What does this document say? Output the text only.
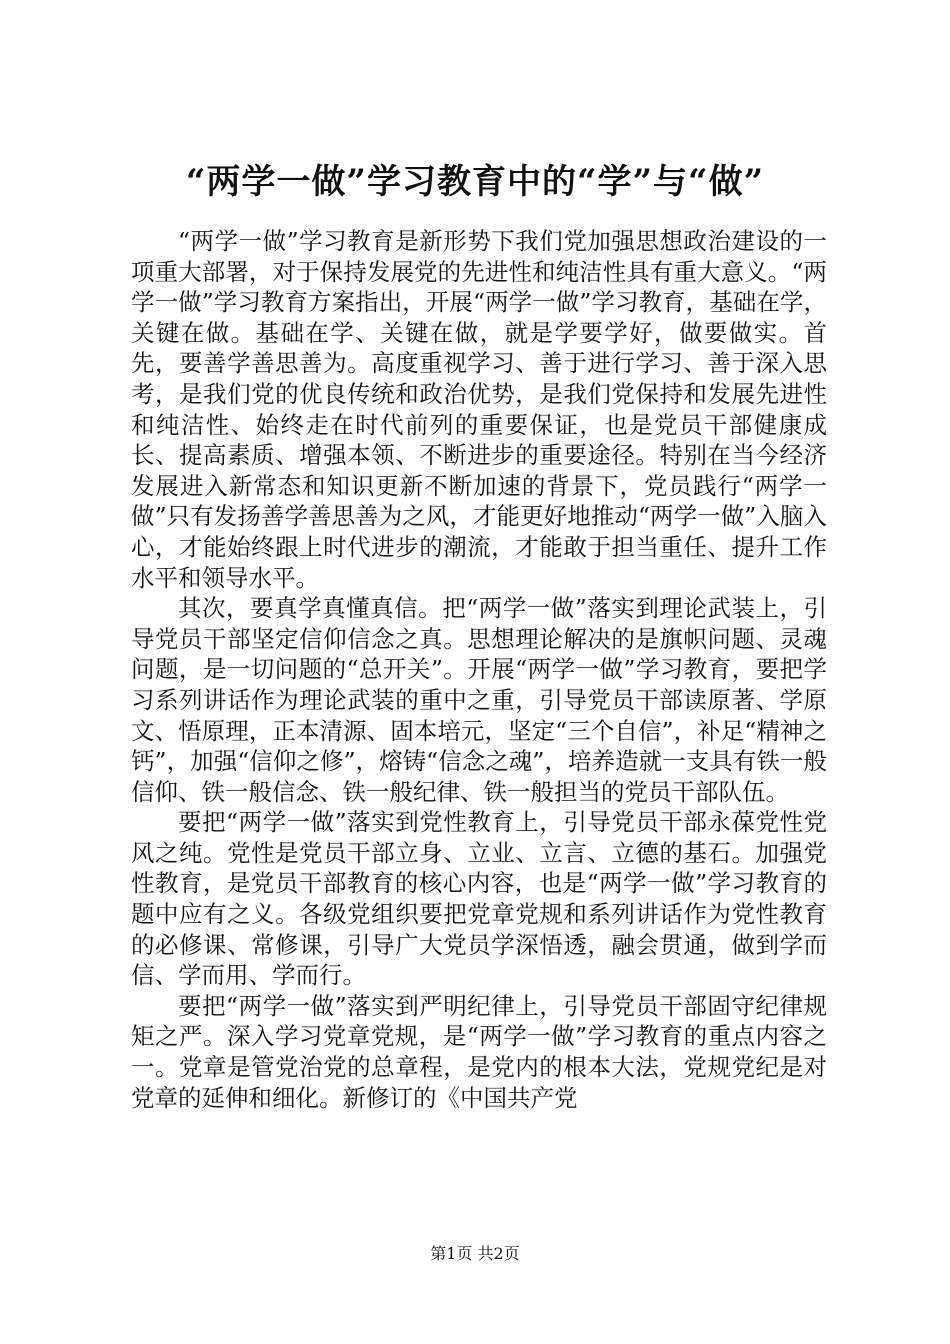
“两学一做”学习教育中的“学”与“做”

“两学一做”学习教育是新形势下我们党加强思想政治建设的一项重大部署，对于保持发展党的先进性和纯洁性具有重大意义。“两学一做”学习教育方案指出，开展“两学一做”学习教育，基础在学，关键在做。基础在学、关键在做，就是学要学好，做要做实。首先，要善学善思善为。高度重视学习、善于进行学习、善于深入思考，是我们党的优良传统和政治优势，是我们党保持和发展先进性和纯洁性、始终走在时代前列的重要保证，也是党员干部健康成长、提高素质、增强本领、不断进步的重要途径。特别在当今经济发展进入新常态和知识更新不断加速的背景下，党员践行“两学一做”只有发扬善学善思善为之风，才能更好地推动“两学一做”入脑入心，才能始终跟上时代进步的潮流，才能敢于担当重任、提升工作水平和领导水平。

其次，要真学真懂真信。把“两学一做”落实到理论武装上，引导党员干部坚定信仰信念之真。思想理论解决的是旗帜问题、灵魂问题，是一切问题的“总开关”。开展“两学一做”学习教育，要把学习系列讲话作为理论武装的重中之重，引导党员干部读原著、学原文、悟原理，正本清源、固本培元，坚定“三个自信”，补足“精神之钙”，加强“信仰之修”，熔铸“信念之魂”，培养造就一支具有铁一般信仰、铁一般信念、铁一般纪律、铁一般担当的党员干部队伍。

要把“两学一做”落实到党性教育上，引导党员干部永葆党性党风之纯。党性是党员干部立身、立业、立言、立德的基石。加强党性教育，是党员干部教育的核心内容，也是“两学一做”学习教育的题中应有之义。各级党组织要把党章党规和系列讲话作为党性教育的必修课、常修课，引导广大党员学深悟透，融会贯通，做到学而信、学而用、学而行。

要把“两学一做”落实到严明纪律上，引导党员干部固守纪律规矩之严。深入学习党章党规，是“两学一做”学习教育的重点内容之一。党章是管党治党的总章程，是党内的根本大法，党规党纪是对党章的延伸和细化。新修订的《中国共产党

第1页 共2页
